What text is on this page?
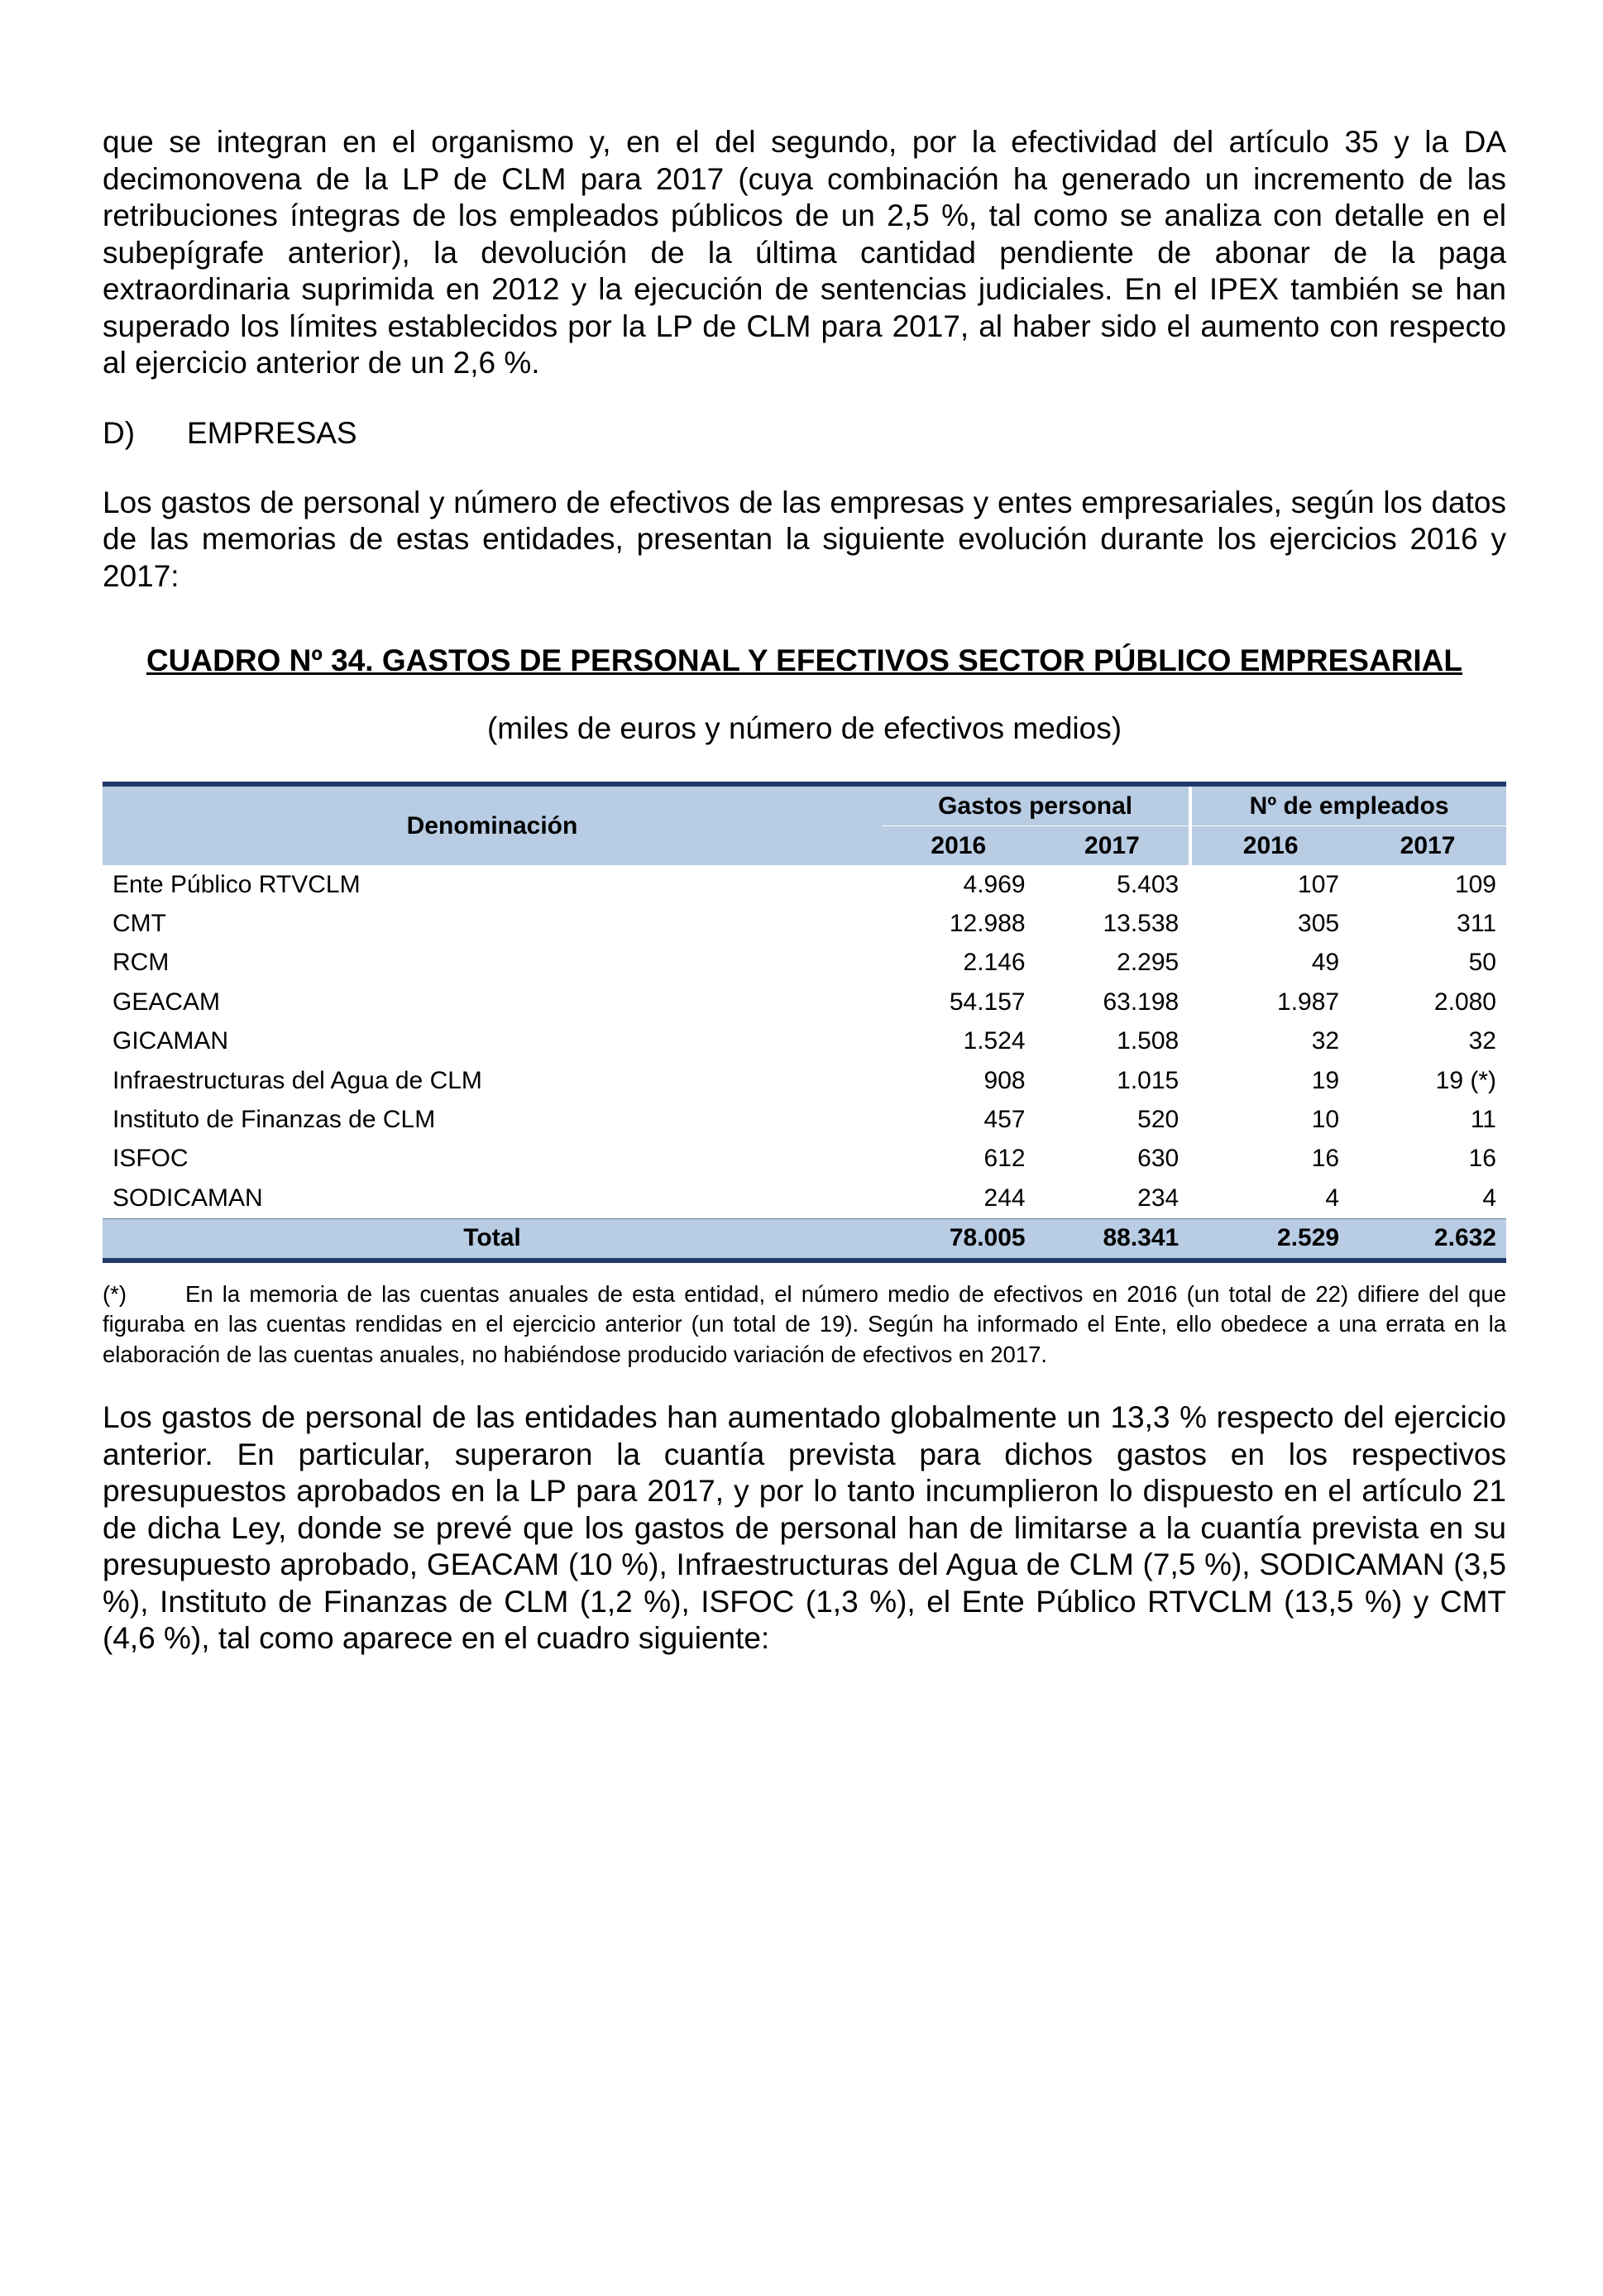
que se integran en el organismo y, en el del segundo, por la efectividad del artículo 35 y la DA decimonovena de la LP de CLM para 2017 (cuya combinación ha generado un incremento de las retribuciones íntegras de los empleados públicos de un 2,5 %, tal como se analiza con detalle en el subepígrafe anterior), la devolución de la última cantidad pendiente de abonar de la paga extraordinaria suprimida en 2012 y la ejecución de sentencias judiciales. En el IPEX también se han superado los límites establecidos por la LP de CLM para 2017, al haber sido el aumento con respecto al ejercicio anterior de un 2,6 %.

D)	EMPRESAS

Los gastos de personal y número de efectivos de las empresas y entes empresariales, según los datos de las memorias de estas entidades, presentan la siguiente evolución durante los ejercicios 2016 y 2017:

CUADRO Nº 34. GASTOS DE PERSONAL Y EFECTIVOS SECTOR PÚBLICO EMPRESARIAL

(miles de euros y número de efectivos medios)

Denominación	Gastos personal			Nº de empleados	
	2016	2017		2016	2017
Ente Público RTVCLM	4.969	5.403		107	109
CMT	12.988	13.538		305	311
RCM	2.146	2.295		49	50
GEACAM	54.157	63.198		1.987	2.080
GICAMAN	1.524	1.508		32	32
Infraestructuras del Agua de CLM	908	1.015		19	19 (*)
Instituto de Finanzas de CLM	457	520		10	11
ISFOC	612	630		16	16
SODICAMAN	244	234		4	4
Total	78.005	88.341		2.529	2.632

(*)	En la memoria de las cuentas anuales de esta entidad, el número medio de efectivos en 2016 (un total de 22) difiere del que figuraba en las cuentas rendidas en el ejercicio anterior (un total de 19). Según ha informado el Ente, ello obedece a una errata en la elaboración de las cuentas anuales, no habiéndose producido variación de efectivos en 2017.

Los gastos de personal de las entidades han aumentado globalmente un 13,3 % respecto del ejercicio anterior. En particular, superaron la cuantía prevista para dichos gastos en los respectivos presupuestos aprobados en la LP para 2017, y por lo tanto incumplieron lo dispuesto en el artículo 21 de dicha Ley, donde se prevé que los gastos de personal han de limitarse a la cuantía prevista en su presupuesto aprobado, GEACAM (10 %), Infraestructuras del Agua de CLM (7,5 %), SODICAMAN (3,5 %), Instituto de Finanzas de CLM (1,2 %), ISFOC (1,3 %), el Ente Público RTVCLM (13,5 %) y CMT (4,6 %), tal como aparece en el cuadro siguiente:
